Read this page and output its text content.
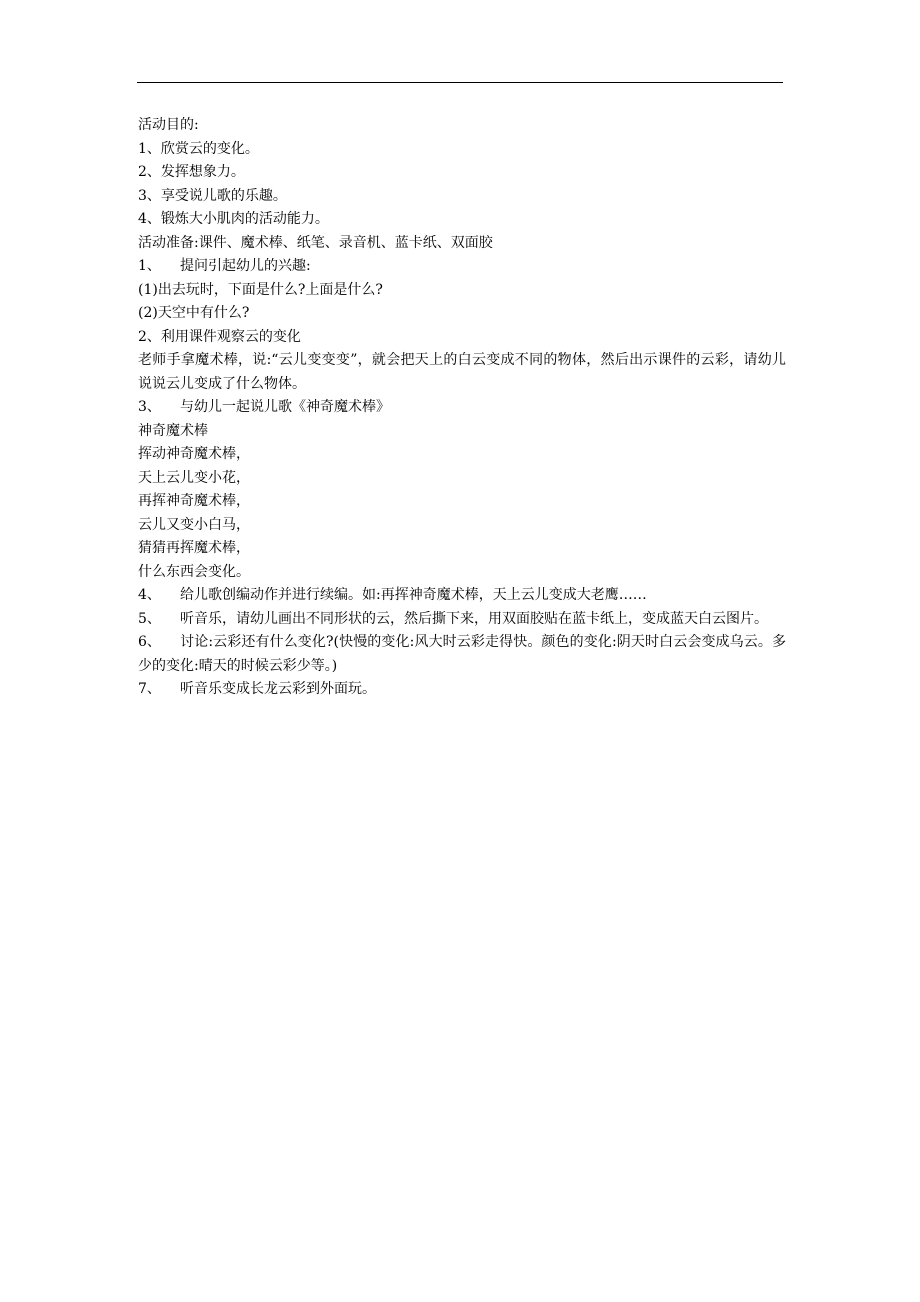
活动目的:
1、欣赏云的变化。
2、发挥想象力。
3、享受说儿歌的乐趣。
4、锻炼大小肌肉的活动能力。
活动准备:课件、魔术棒、纸笔、录音机、蓝卡纸、双面胶
1、 提问引起幼儿的兴趣:
(1)出去玩时，下面是什么?上面是什么?
(2)天空中有什么?
2、利用课件观察云的变化
老师手拿魔术棒，说:“云儿变变变”，就会把天上的白云变成不同的物体，然后出示课件的云彩，请幼儿说说云儿变成了什么物体。
3、 与幼儿一起说儿歌《神奇魔术棒》
神奇魔术棒
挥动神奇魔术棒，
天上云儿变小花，
再挥神奇魔术棒，
云儿又变小白马，
猜猜再挥魔术棒，
什么东西会变化。
4、 给儿歌创编动作并进行续编。如:再挥神奇魔术棒，天上云儿变成大老鹰……
5、 听音乐，请幼儿画出不同形状的云，然后撕下来，用双面胶贴在蓝卡纸上，变成蓝天白云图片。
6、 讨论:云彩还有什么变化?(快慢的变化:风大时云彩走得快。颜色的变化:阴天时白云会变成乌云。多少的变化:晴天的时候云彩少等。)
7、 听音乐变成长龙云彩到外面玩。
